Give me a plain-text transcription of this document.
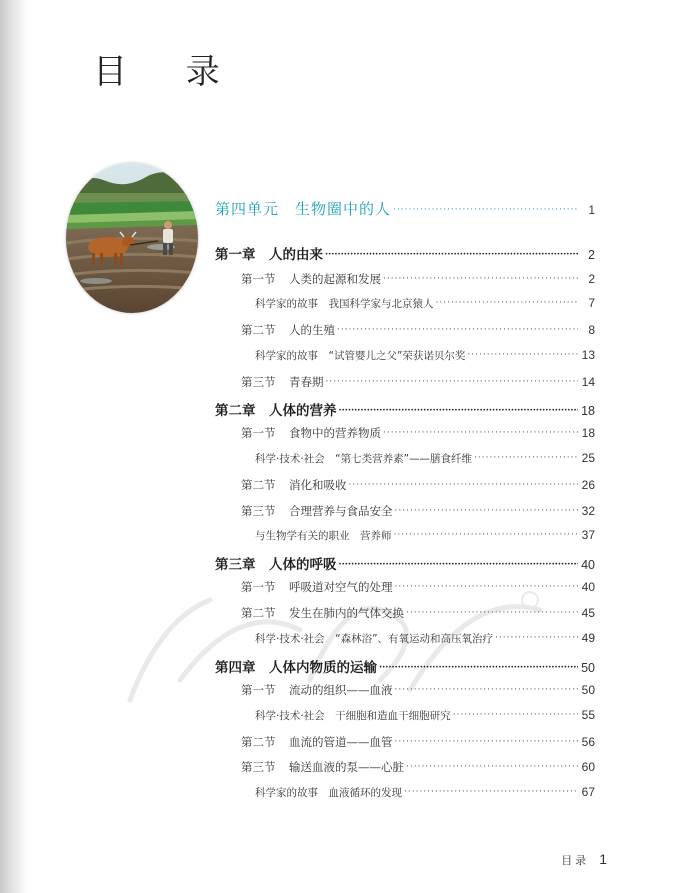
目 录
第四单元　生物圈中的人 ·····	1
第一章　人的由来 ·····	2
第一节 人类的起源和发展 ·····	2
科学家的故事　我国科学家与北京猿人 ·····	7
第二节 人的生殖 ·····	8
科学家的故事　“试管婴儿之父”荣获诺贝尔奖 ·····	13
第三节 青春期 ·····	14
第二章　人体的营养 ·····	18
第一节 食物中的营养物质 ·····	18
科学·技术·社会　“第七类营养素”——膳食纤维 ·····	25
第二节 消化和吸收 ·····	26
第三节 合理营养与食品安全 ·····	32
与生物学有关的职业　营养师 ·····	37
第三章　人体的呼吸 ·····	40
第一节 呼吸道对空气的处理 ·····	40
第二节 发生在肺内的气体交换 ·····	45
科学·技术·社会　“森林浴”、有氧运动和高压氧治疗 ·····	49
第四章　人体内物质的运输 ·····	50
第一节 流动的组织——血液 ·····	50
科学·技术·社会　干细胞和造血干细胞研究 ·····	55
第二节 血流的管道——血管 ·····	56
第三节 输送血液的泵——心脏 ·····	60
科学家的故事　血液循环的发现 ·····	67
目录 1
